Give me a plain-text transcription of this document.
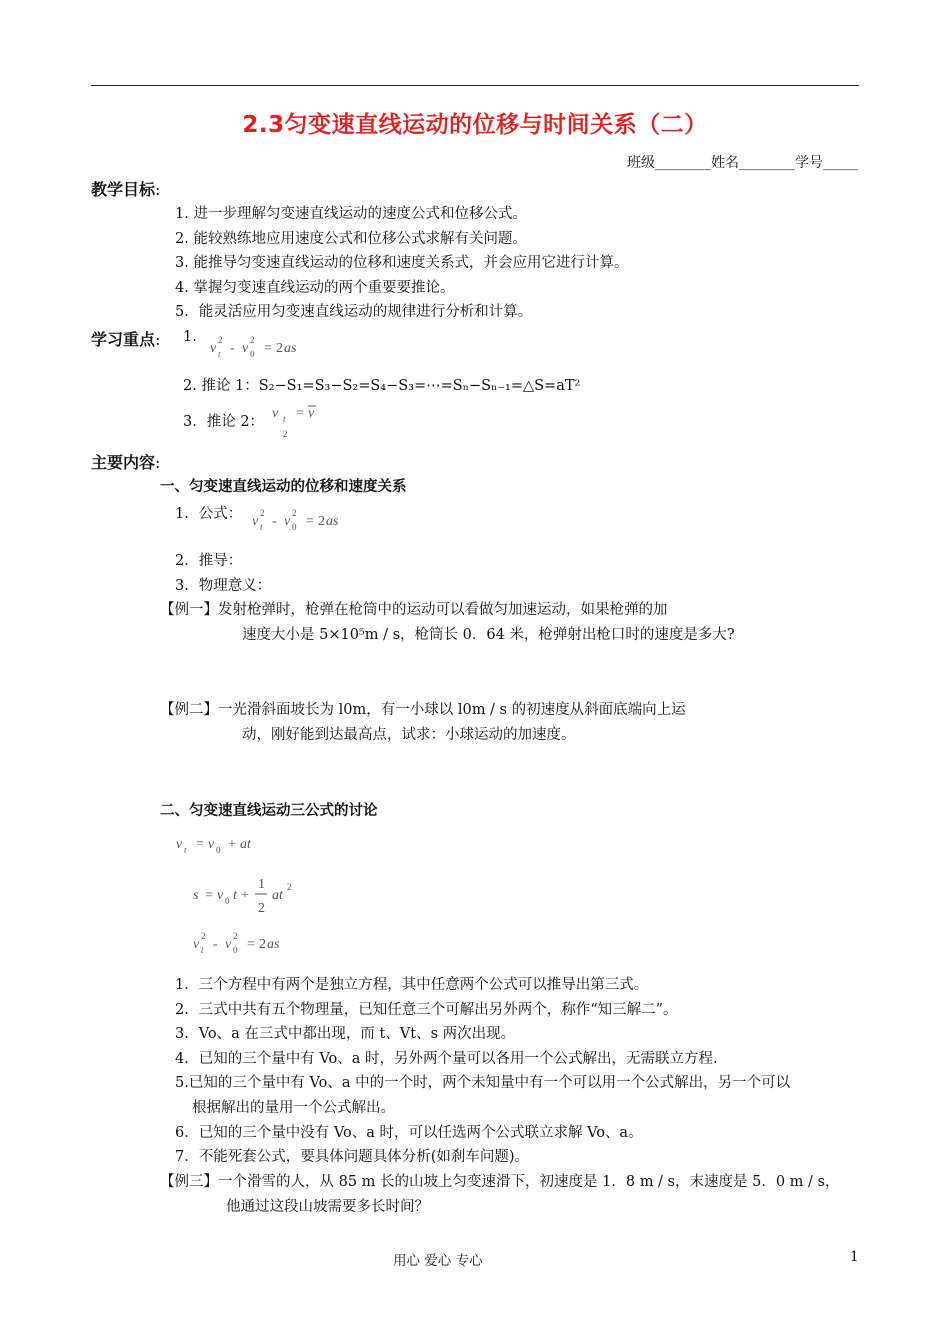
2.3匀变速直线运动的位移与时间关系（二）
班级________姓名________学号_____
教学目标:
1. 进一步理解匀变速直线运动的速度公式和位移公式。
2. 能较熟练地应用速度公式和位移公式求解有关问题。
3. 能推导匀变速直线运动的位移和速度关系式，并会应用它进行计算。
4. 掌握匀变速直线运动的两个重要要推论。
5．能灵活应用匀变速直线运动的规律进行分析和计算。
学习重点: 1.
v
2
t - v
2
0 = 2 as
2. 推论 1：S₂−S₁=S₃−S₂=S₄−S₃=⋯=Sₙ−Sₙ₋₁=△S=aT²
3．推论 2：
v t
2
= v
主要内容:
一、匀变速直线运动的位移和速度关系
1．公式： v
2
t - v
2
0 = 2 as
2．推导：
3．物理意义：
【例一】发射枪弹时，枪弹在枪筒中的运动可以看做匀加速运动，如果枪弹的加
速度大小是 5×10⁵m / s，枪筒长 0．64 米，枪弹射出枪口时的速度是多大?
【例二】一光滑斜面坡长为 l0m，有一小球以 l0m / s 的初速度从斜面底端向上运
动，刚好能到达最高点，试求：小球运动的加速度。
二、匀变速直线运动三公式的讨论
v t = v 0 + at
s = v 0 t +
1
2
at
2
v
2
t - v
2
0 = 2 as
1．三个方程中有两个是独立方程，其中任意两个公式可以推导出第三式。
2．三式中共有五个物理量，已知任意三个可解出另外两个，称作“知三解二”。
3．Vo、a 在三式中都出现，而 t、Vt、s 两次出现。
4．已知的三个量中有 Vo、a 时，另外两个量可以各用一个公式解出，无需联立方程.
5.已知的三个量中有 Vo、a 中的一个时，两个未知量中有一个可以用一个公式解出，另一个可以
根据解出的量用一个公式解出。
6．已知的三个量中没有 Vo、a 时，可以任选两个公式联立求解 Vo、a。
7．不能死套公式，要具体问题具体分析(如刹车问题)。
【例三】一个滑雪的人，从 85 m 长的山坡上匀变速滑下，初速度是 1．8 m / s，末速度是 5．0 m / s，
他通过这段山坡需要多长时间？
用心 爱心 专心	1
